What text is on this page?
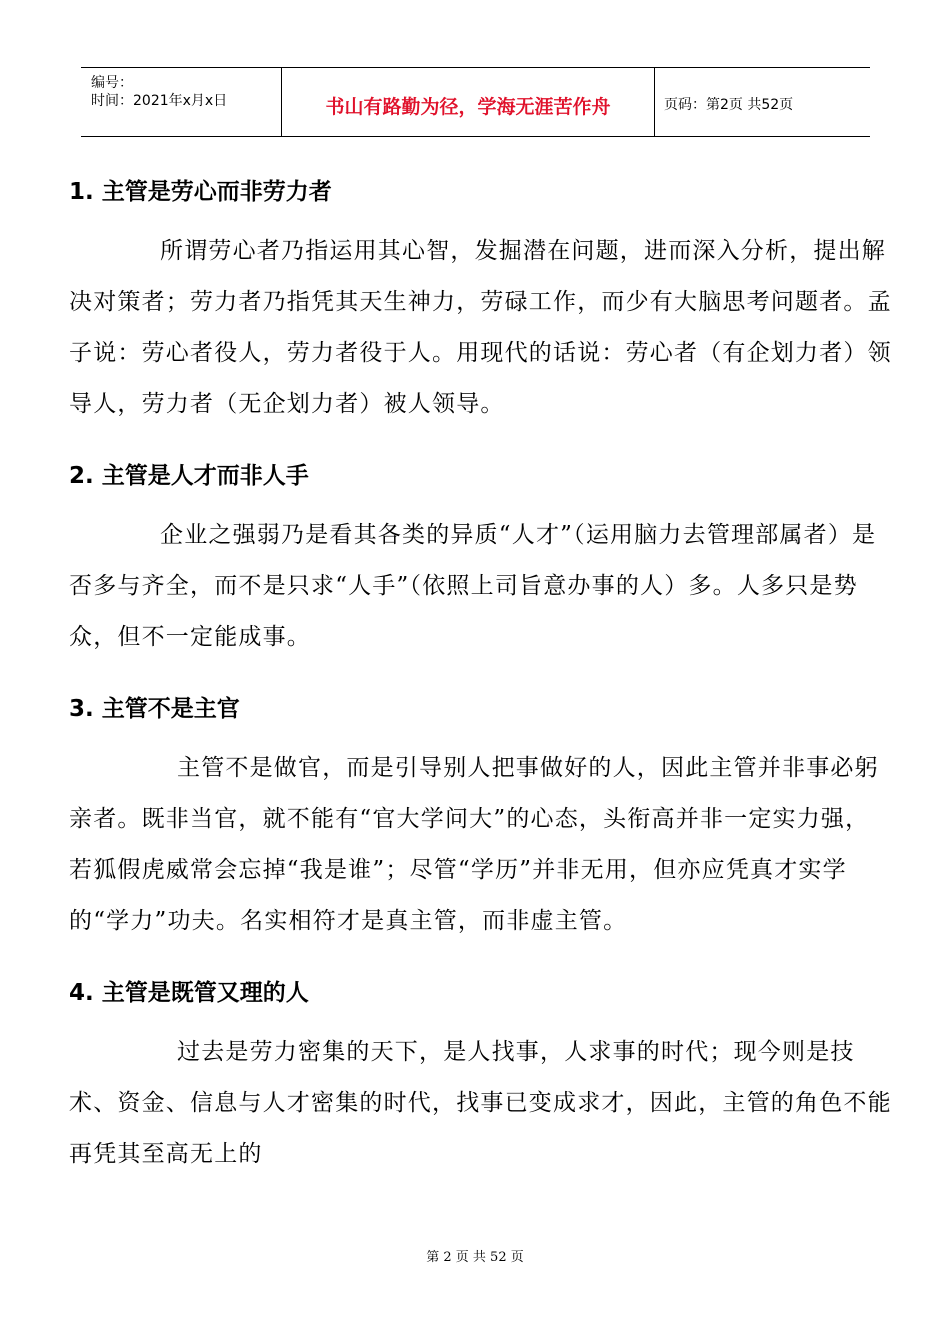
编号：
时间：2021年x月x日	书山有路勤为径，学海无涯苦作舟	页码：第2页 共52页
1. 主管是劳心而非劳力者

所谓劳心者乃指运用其心智，发掘潜在问题，进而深入分析，提出解决对策者；劳力者乃指凭其天生神力，劳碌工作，而少有大脑思考问题者。孟子说：劳心者役人，劳力者役于人。用现代的话说：劳心者（有企划力者）领导人，劳力者（无企划力者）被人领导。

2. 主管是人才而非人手

企业之强弱乃是看其各类的异质“人才”（运用脑力去管理部属者）是否多与齐全，而不是只求“人手”（依照上司旨意办事的人）多。人多只是势众，但不一定能成事。

3. 主管不是主官

主管不是做官，而是引导别人把事做好的人，因此主管并非事必躬亲者。既非当官，就不能有“官大学问大”的心态，头衔高并非一定实力强，若狐假虎威常会忘掉“我是谁”；尽管“学历”并非无用，但亦应凭真才实学的“学力”功夫。名实相符才是真主管，而非虚主管。

4. 主管是既管又理的人

过去是劳力密集的天下，是人找事，人求事的时代；现今则是技术、资金、信息与人才密集的时代，找事已变成求才，因此，主管的角色不能再凭其至高无上的

第 2 页 共 52 页
